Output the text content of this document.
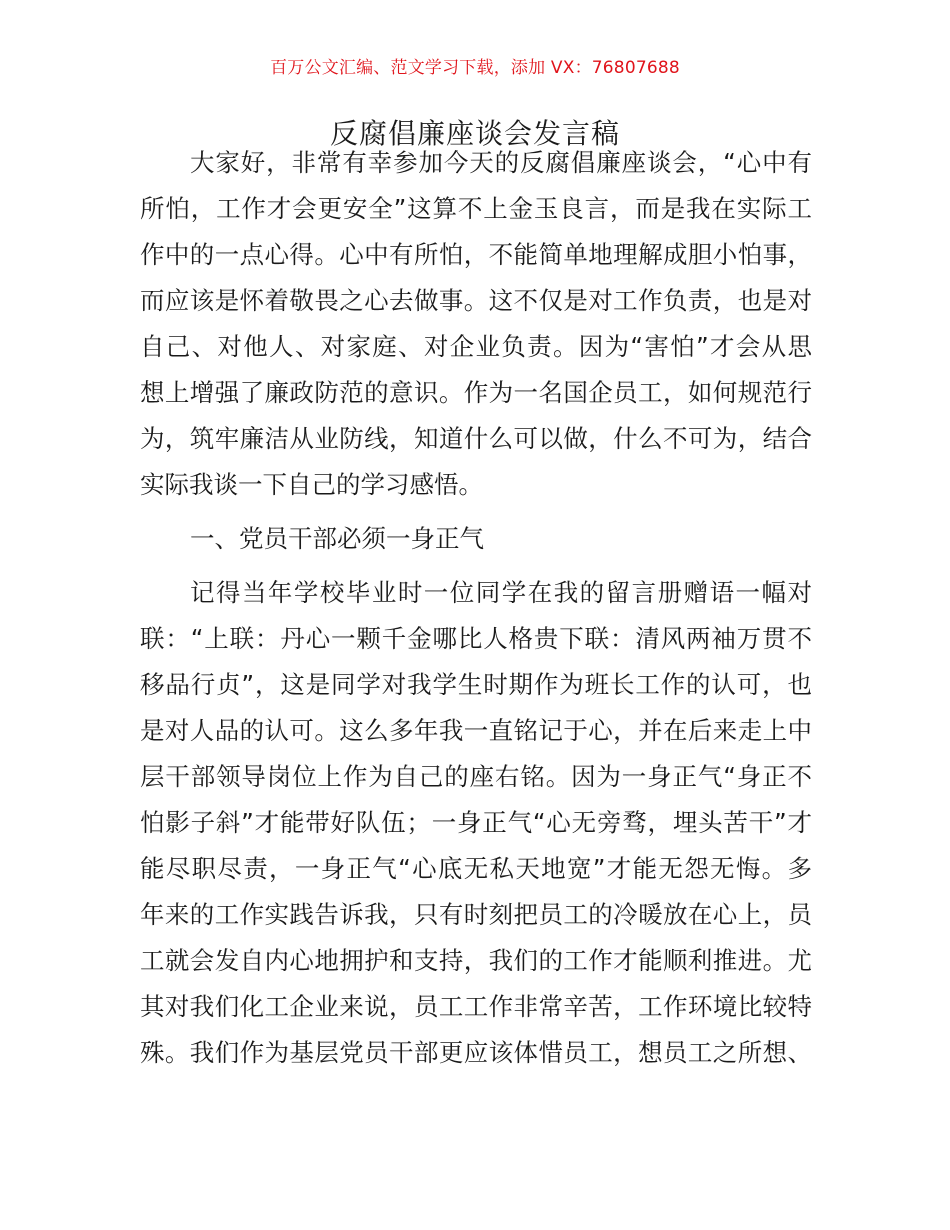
百万公文汇编、范文学习下载，添加 VX：76807688
反腐倡廉座谈会发言稿
大家好，非常有幸参加今天的反腐倡廉座谈会，“心中有
所怕，工作才会更安全”这算不上金玉良言，而是我在实际工
作中的一点心得。心中有所怕，不能简单地理解成胆小怕事，
而应该是怀着敬畏之心去做事。这不仅是对工作负责，也是对
自己、对他人、对家庭、对企业负责。因为“害怕”才会从思
想上增强了廉政防范的意识。作为一名国企员工，如何规范行
为，筑牢廉洁从业防线，知道什么可以做，什么不可为，结合
实际我谈一下自己的学习感悟。
一、党员干部必须一身正气
记得当年学校毕业时一位同学在我的留言册赠语一幅对
联：“上联：丹心一颗千金哪比人格贵下联：清风两袖万贯不
移品行贞”，这是同学对我学生时期作为班长工作的认可，也
是对人品的认可。这么多年我一直铭记于心，并在后来走上中
层干部领导岗位上作为自己的座右铭。因为一身正气“身正不
怕影子斜”才能带好队伍；一身正气“心无旁骛，埋头苦干”才
能尽职尽责，一身正气“心底无私天地宽”才能无怨无悔。多
年来的工作实践告诉我，只有时刻把员工的冷暖放在心上，员
工就会发自内心地拥护和支持，我们的工作才能顺利推进。尤
其对我们化工企业来说，员工工作非常辛苦，工作环境比较特
殊。我们作为基层党员干部更应该体惜员工，想员工之所想、
